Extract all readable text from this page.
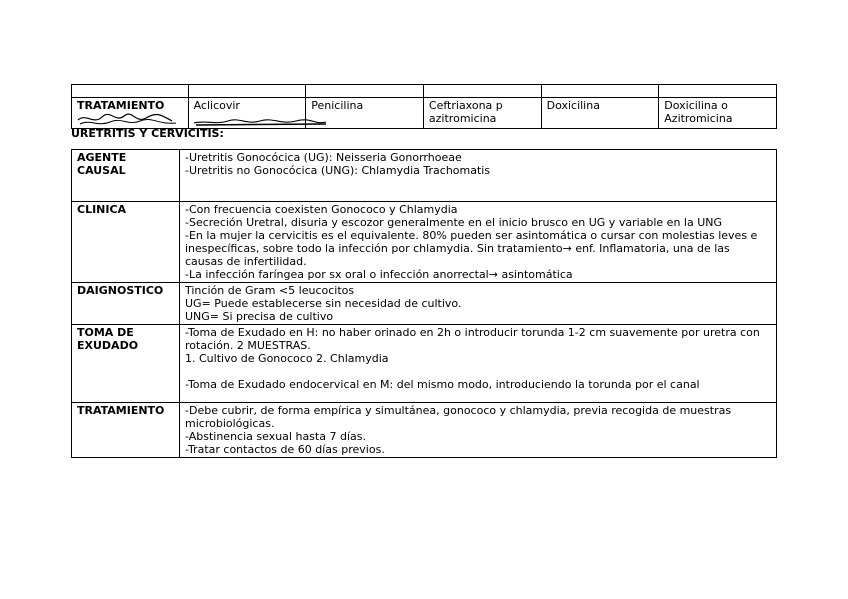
TRATAMIENTO	Aclicovir	Penicilina	Ceftriaxona p azitromicina	Doxicilina	Doxicilina o Azitromicina
URETRITIS Y CERVICITIS:
AGENTE CAUSAL	-Uretritis Gonocócica (UG): Neisseria Gonorrhoeae

-Uretritis no Gonocócica (UNG): Chlamydia Trachomatis

CLINICA	-Con frecuencia coexisten Gonococo y Chlamydia

-Secreción Uretral, disuria y escozor generalmente en el inicio brusco en UG y variable en la UNG

-En la mujer la cervicitis es el equivalente. 80% pueden ser asintomática o cursar con molestias leves e inespecíficas, sobre todo la infección por chlamydia. Sin tratamiento→ enf. Inflamatoria, una de las causas de infertilidad.

-La infección faríngea por sx oral o infección anorrectal→ asintomática

DAIGNOSTICO	Tinción de Gram <5 leucocitos

UG= Puede establecerse sin necesidad de cultivo.

UNG= Si precisa de cultivo

TOMA DE EXUDADO	-Toma de Exudado en H: no haber orinado en 2h o introducir torunda 1-2 cm suavemente por uretra con rotación. 2 MUESTRAS.

1. Cultivo de Gonococo 2. Chlamydia

-Toma de Exudado endocervical en M: del mismo modo, introduciendo la torunda por el canal

TRATAMIENTO	-Debe cubrir, de forma empírica y simultánea, gonococo y chlamydia, previa recogida de muestras microbiológicas.

-Abstinencia sexual hasta 7 días.

-Tratar contactos de 60 días previos.
